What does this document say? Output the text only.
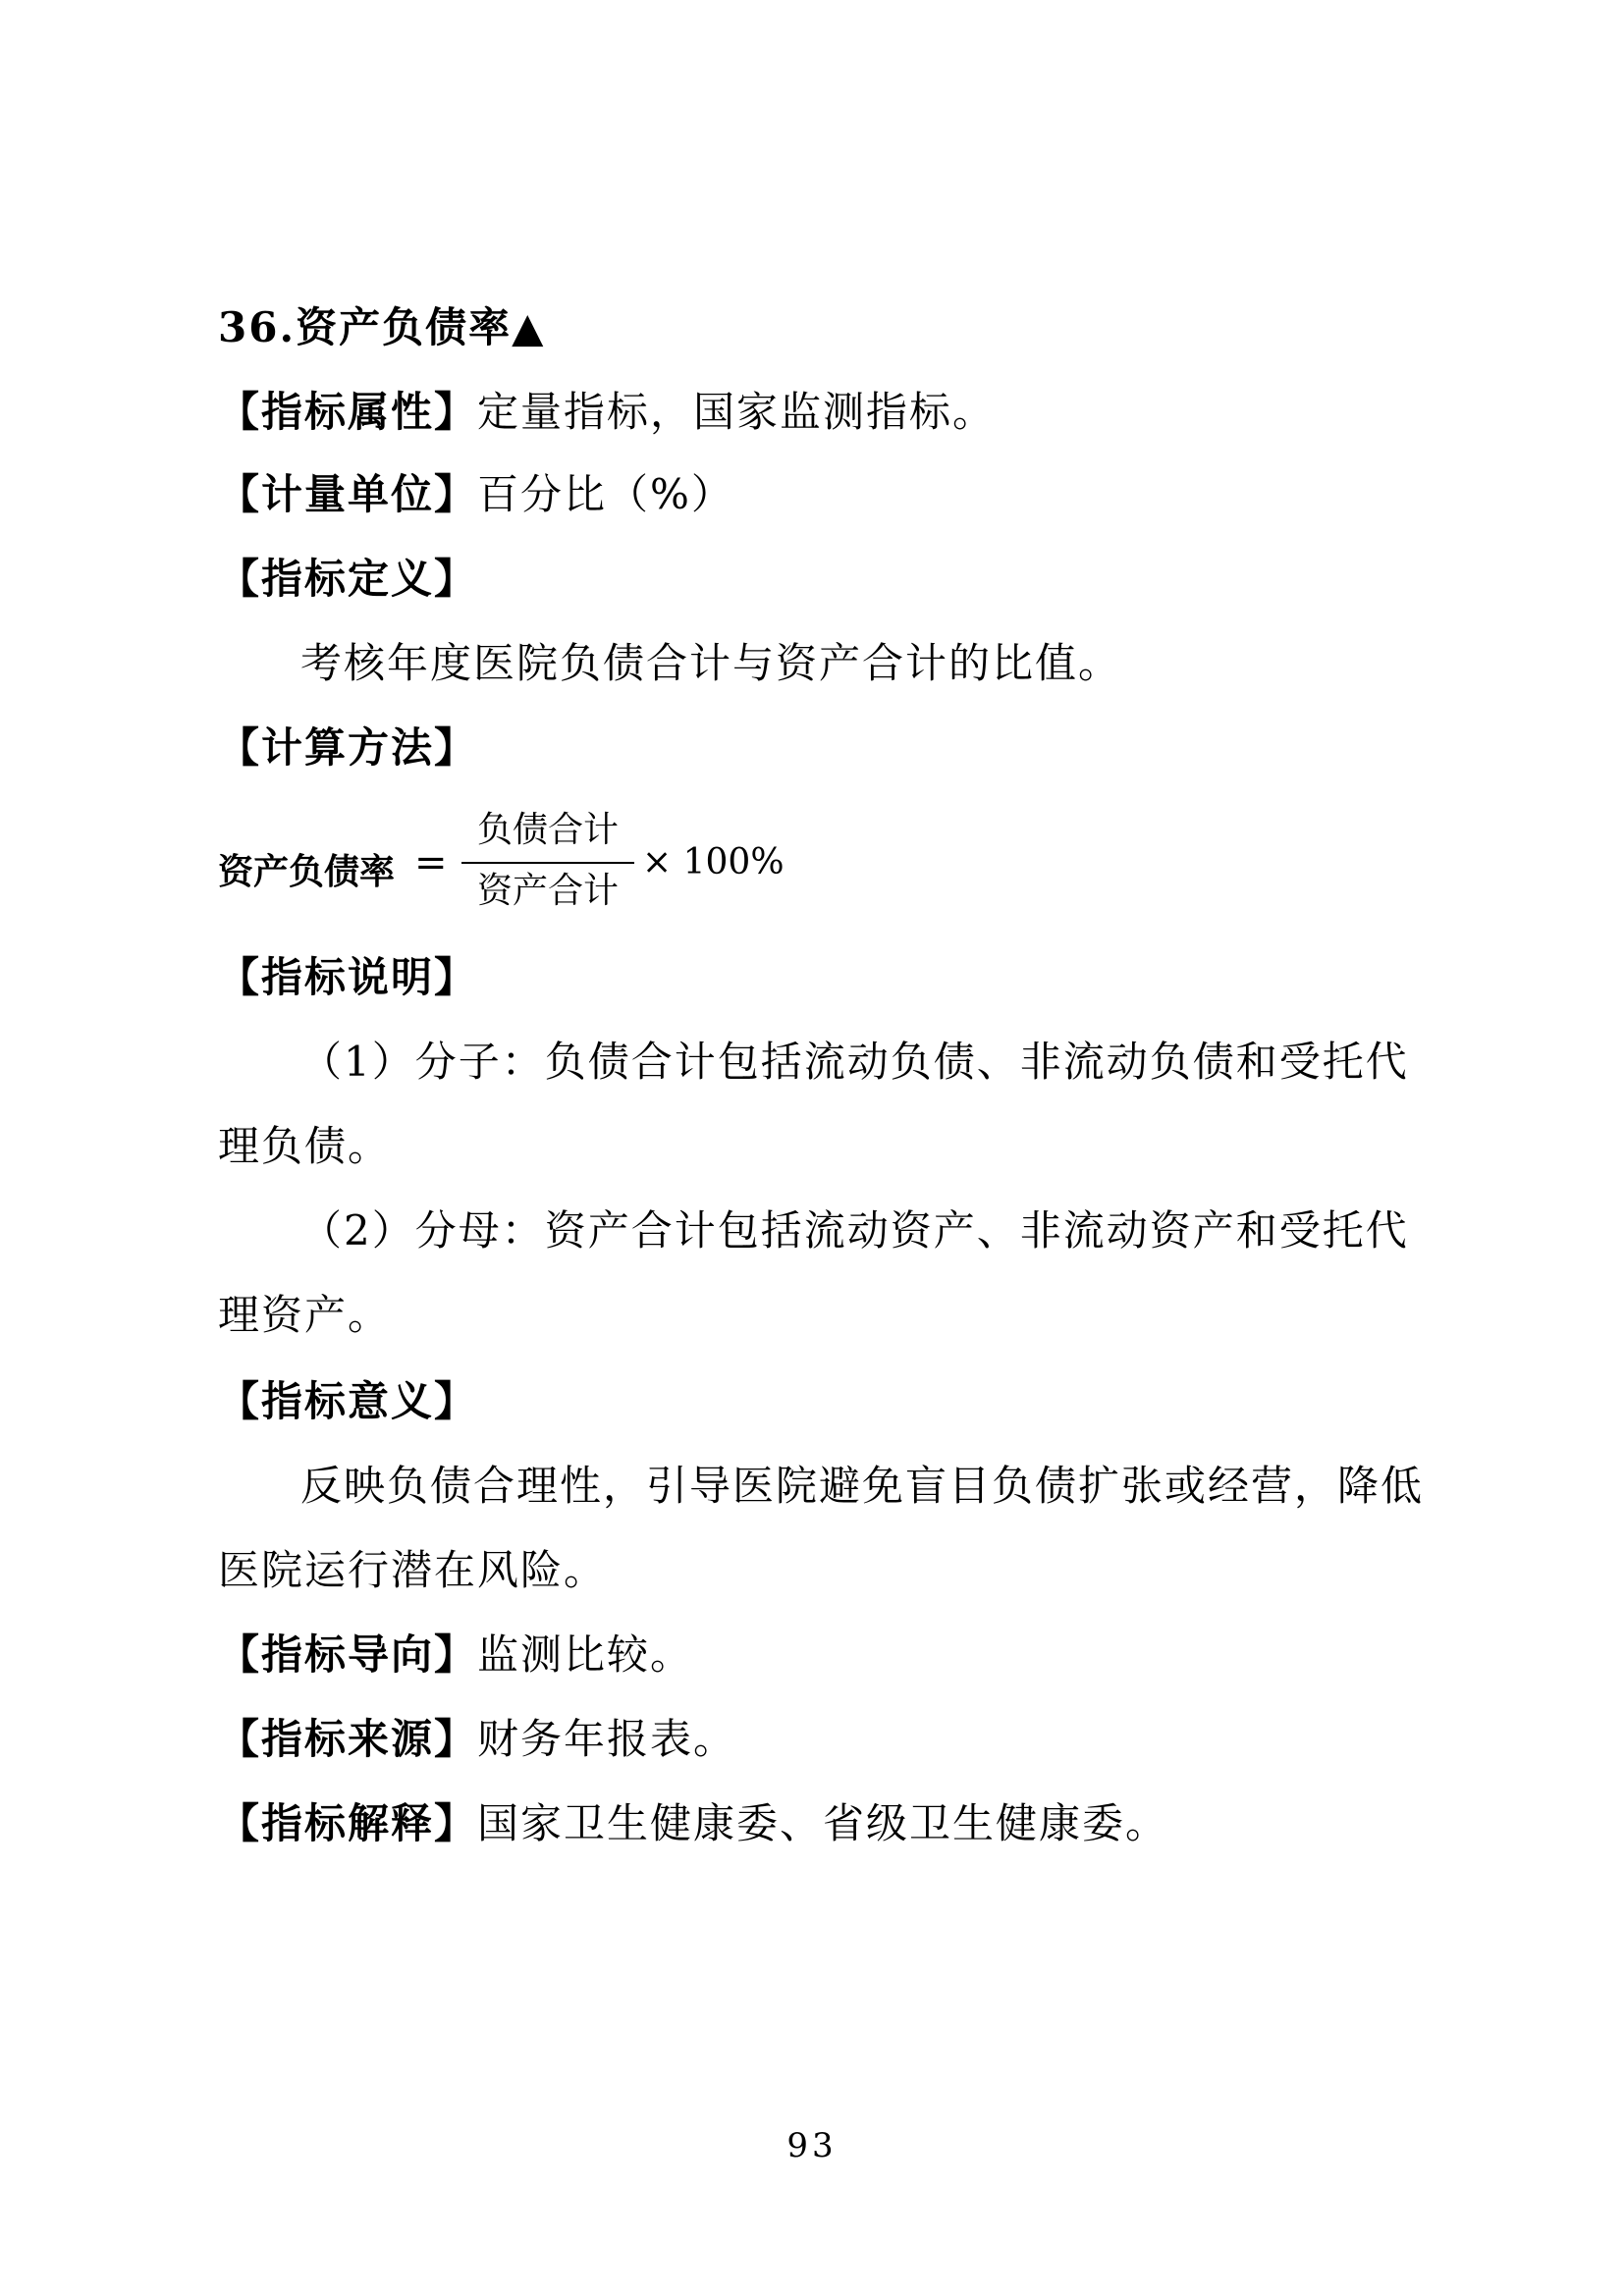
36.资产负债率▲
【指标属性】定量指标，国家监测指标。
【计量单位】百分比（%）
【指标定义】
考核年度医院负债合计与资产合计的比值。
【计算方法】
资产负债率 =
负债合计
资产合计
× 100%
【指标说明】
（1）分子：负债合计包括流动负债、非流动负债和受托代
理负债。
（2）分母：资产合计包括流动资产、非流动资产和受托代
理资产。
【指标意义】
反映负债合理性，引导医院避免盲目负债扩张或经营，降低
医院运行潜在风险。
【指标导向】监测比较。
【指标来源】财务年报表。
【指标解释】国家卫生健康委、省级卫生健康委。
93
